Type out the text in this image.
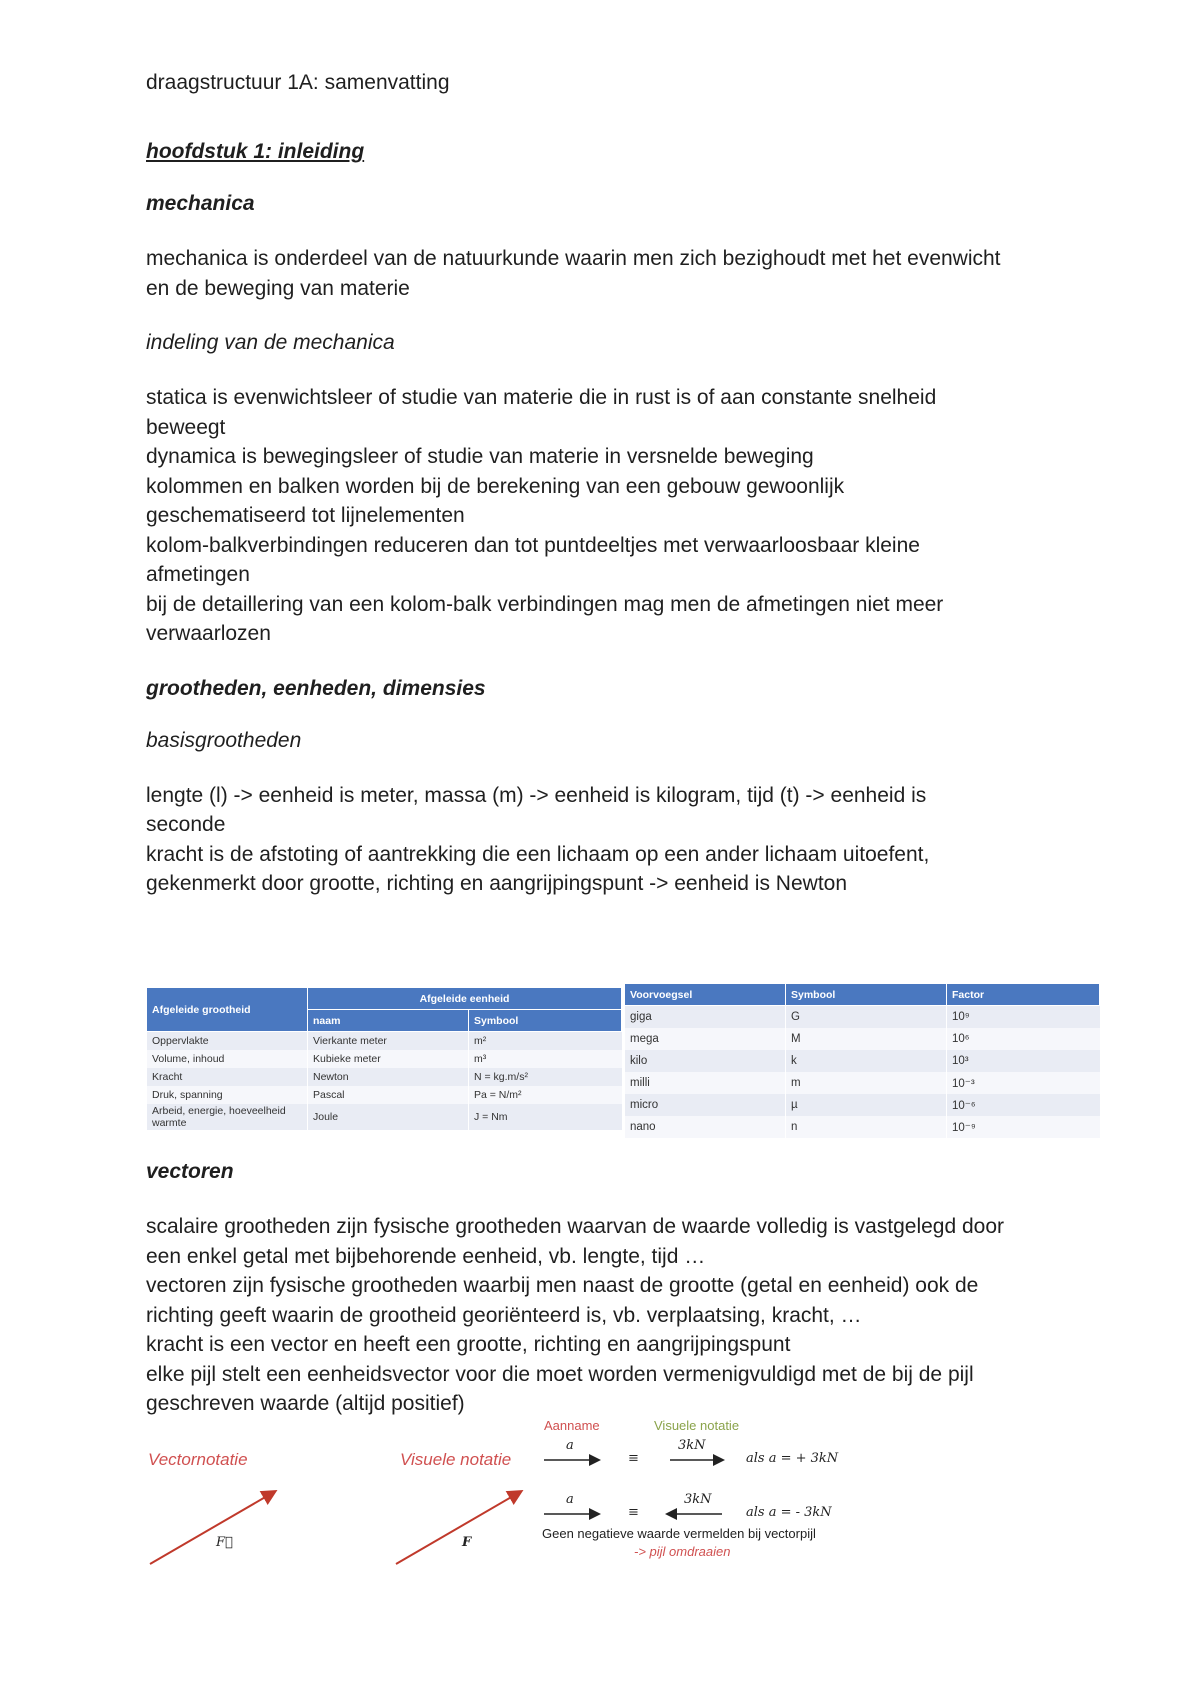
draagstructuur 1A: samenvatting

hoofdstuk 1: inleiding

mechanica

mechanica is onderdeel van de natuurkunde waarin men zich bezighoudt met het evenwicht

en de beweging van materie

indeling van de mechanica

statica is evenwichtsleer of studie van materie die in rust is of aan constante snelheid

beweegt

dynamica is bewegingsleer of studie van materie in versnelde beweging

kolommen en balken worden bij de berekening van een gebouw gewoonlijk

geschematiseerd tot lijnelementen

kolom-balkverbindingen reduceren dan tot puntdeeltjes met verwaarloosbaar kleine

afmetingen

bij de detaillering van een kolom-balk verbindingen mag men de afmetingen niet meer

verwaarlozen

grootheden, eenheden, dimensies

basisgrootheden

lengte (l) -> eenheid is meter, massa (m) -> eenheid is kilogram, tijd (t) -> eenheid is

seconde

kracht is de afstoting of aantrekking die een lichaam op een ander lichaam uitoefent,

gekenmerkt door grootte, richting en aangrijpingspunt -> eenheid is Newton

Afgeleide grootheid	Afgeleide eenheid	
	naam	Symbool
Oppervlakte	Vierkante meter	m²
Volume, inhoud	Kubieke meter	m³
Kracht	Newton	N = kg.m/s²
Druk, spanning	Pascal	Pa = N/m²
Arbeid, energie, hoeveelheid warmte	Joule	J = Nm
Voorvoegsel	Symbool	Factor
giga	G	10⁹
mega	M	10⁶
kilo	k	10³
milli	m	10⁻³
micro	µ	10⁻⁶
nano	n	10⁻⁹

vectoren

scalaire grootheden zijn fysische grootheden waarvan de waarde volledig is vastgelegd door

een enkel getal met bijbehorende eenheid, vb. lengte, tijd …

vectoren zijn fysische grootheden waarbij men naast de grootte (getal en eenheid) ook de

richting geeft waarin de grootheid georiënteerd is, vb. verplaatsing, kracht, …

kracht is een vector en heeft een grootte, richting en aangrijpingspunt

elke pijl stelt een eenheidsvector voor die moet worden vermenigvuldigd met de bij de pijl

geschreven waarde (altijd positief)

Aanname	Visuele notatie
Vectornotatie	Visuele notatie
F⃗	F
a
≡
3kN
als a = + 3kN
a
≡
3kN
als a = - 3kN
Geen negatieve waarde vermelden bij vectorpijl
-> pijl omdraaien
